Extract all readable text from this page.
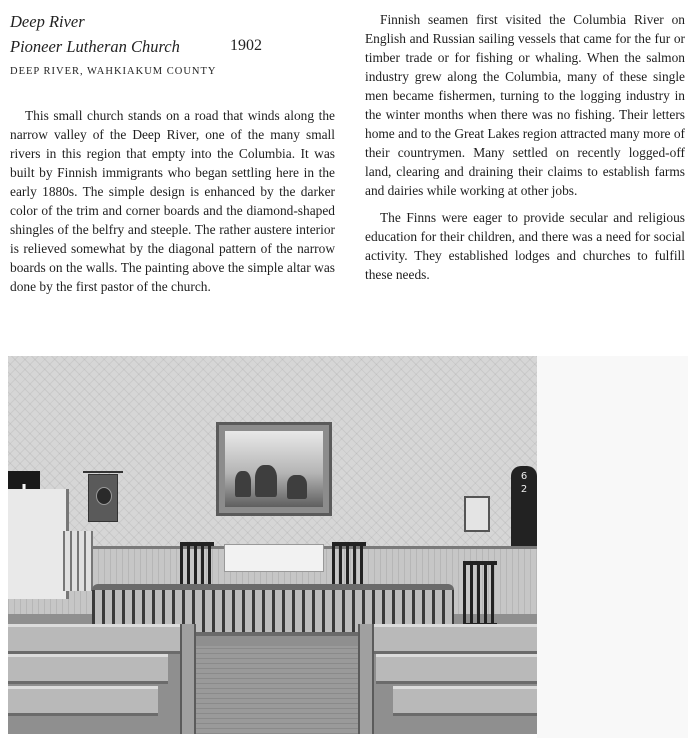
Deep River
Pioneer Lutheran Church	1902
DEEP RIVER, WAHKIAKUM COUNTY

This small church stands on a road that winds along the narrow valley of the Deep River, one of the many small rivers in this region that empty into the Columbia. It was built by Finnish immigrants who began settling here in the early 1880s. The simple design is enhanced by the darker color of the trim and corner boards and the diamond-shaped shingles of the belfry and steeple. The rather austere interior is relieved somewhat by the diagonal pattern of the narrow boards on the walls. The painting above the simple altar was done by the first pastor of the church.

Finnish seamen first visited the Columbia River on English and Russian sailing vessels that came for the fur or timber trade or for fishing or whaling. When the salmon industry grew along the Columbia, many of these single men became fishermen, turning to the logging industry in the winter months when there was no fishing. Their letters home and to the Great Lakes region attracted many more of their countrymen. Many settled on recently logged-off land, clearing and draining their claims to establish farms and dairies while working at other jobs.

The Finns were eager to provide secular and religious education for their children, and there was a need for social activity. They established lodges and churches to fulfill these needs.

6
2
